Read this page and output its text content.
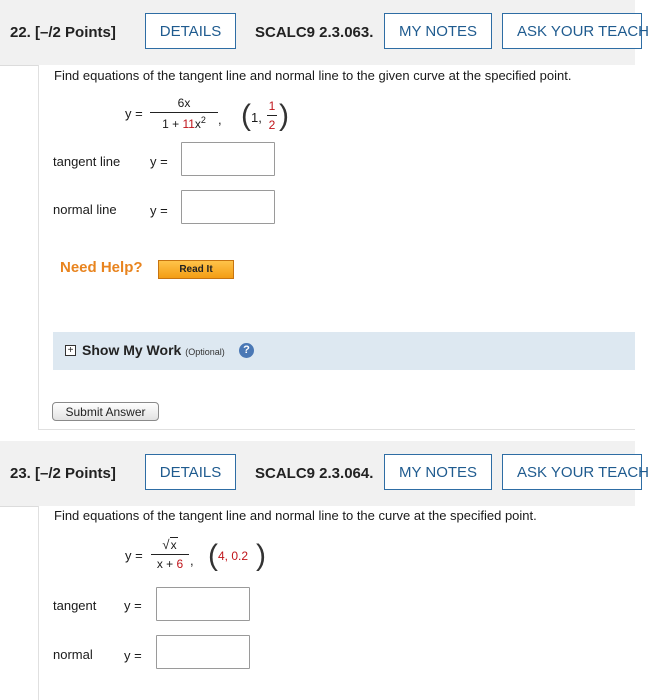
22. [–/2 Points]	DETAILS	SCALC9 2.3.063.	MY NOTES	ASK YOUR TEACH
Find equations of the tangent line and normal line to the given curve at the specified point.
y =
6x
$1 + 11x^2$ , ( 1,
1
2 )
tangent line y =
normal line	y =
Need Help?	Read It
+ Show My Work (Optional)	?
Submit Answer
23. [–/2 Points]	DETAILS	SCALC9 2.3.064.	MY NOTES	ASK YOUR TEACH
Find equations of the tangent line and normal line to the curve at the specified point.
y =
√x
x + 6 , ( 4, 0.2 )
tangent y =
normal y =
